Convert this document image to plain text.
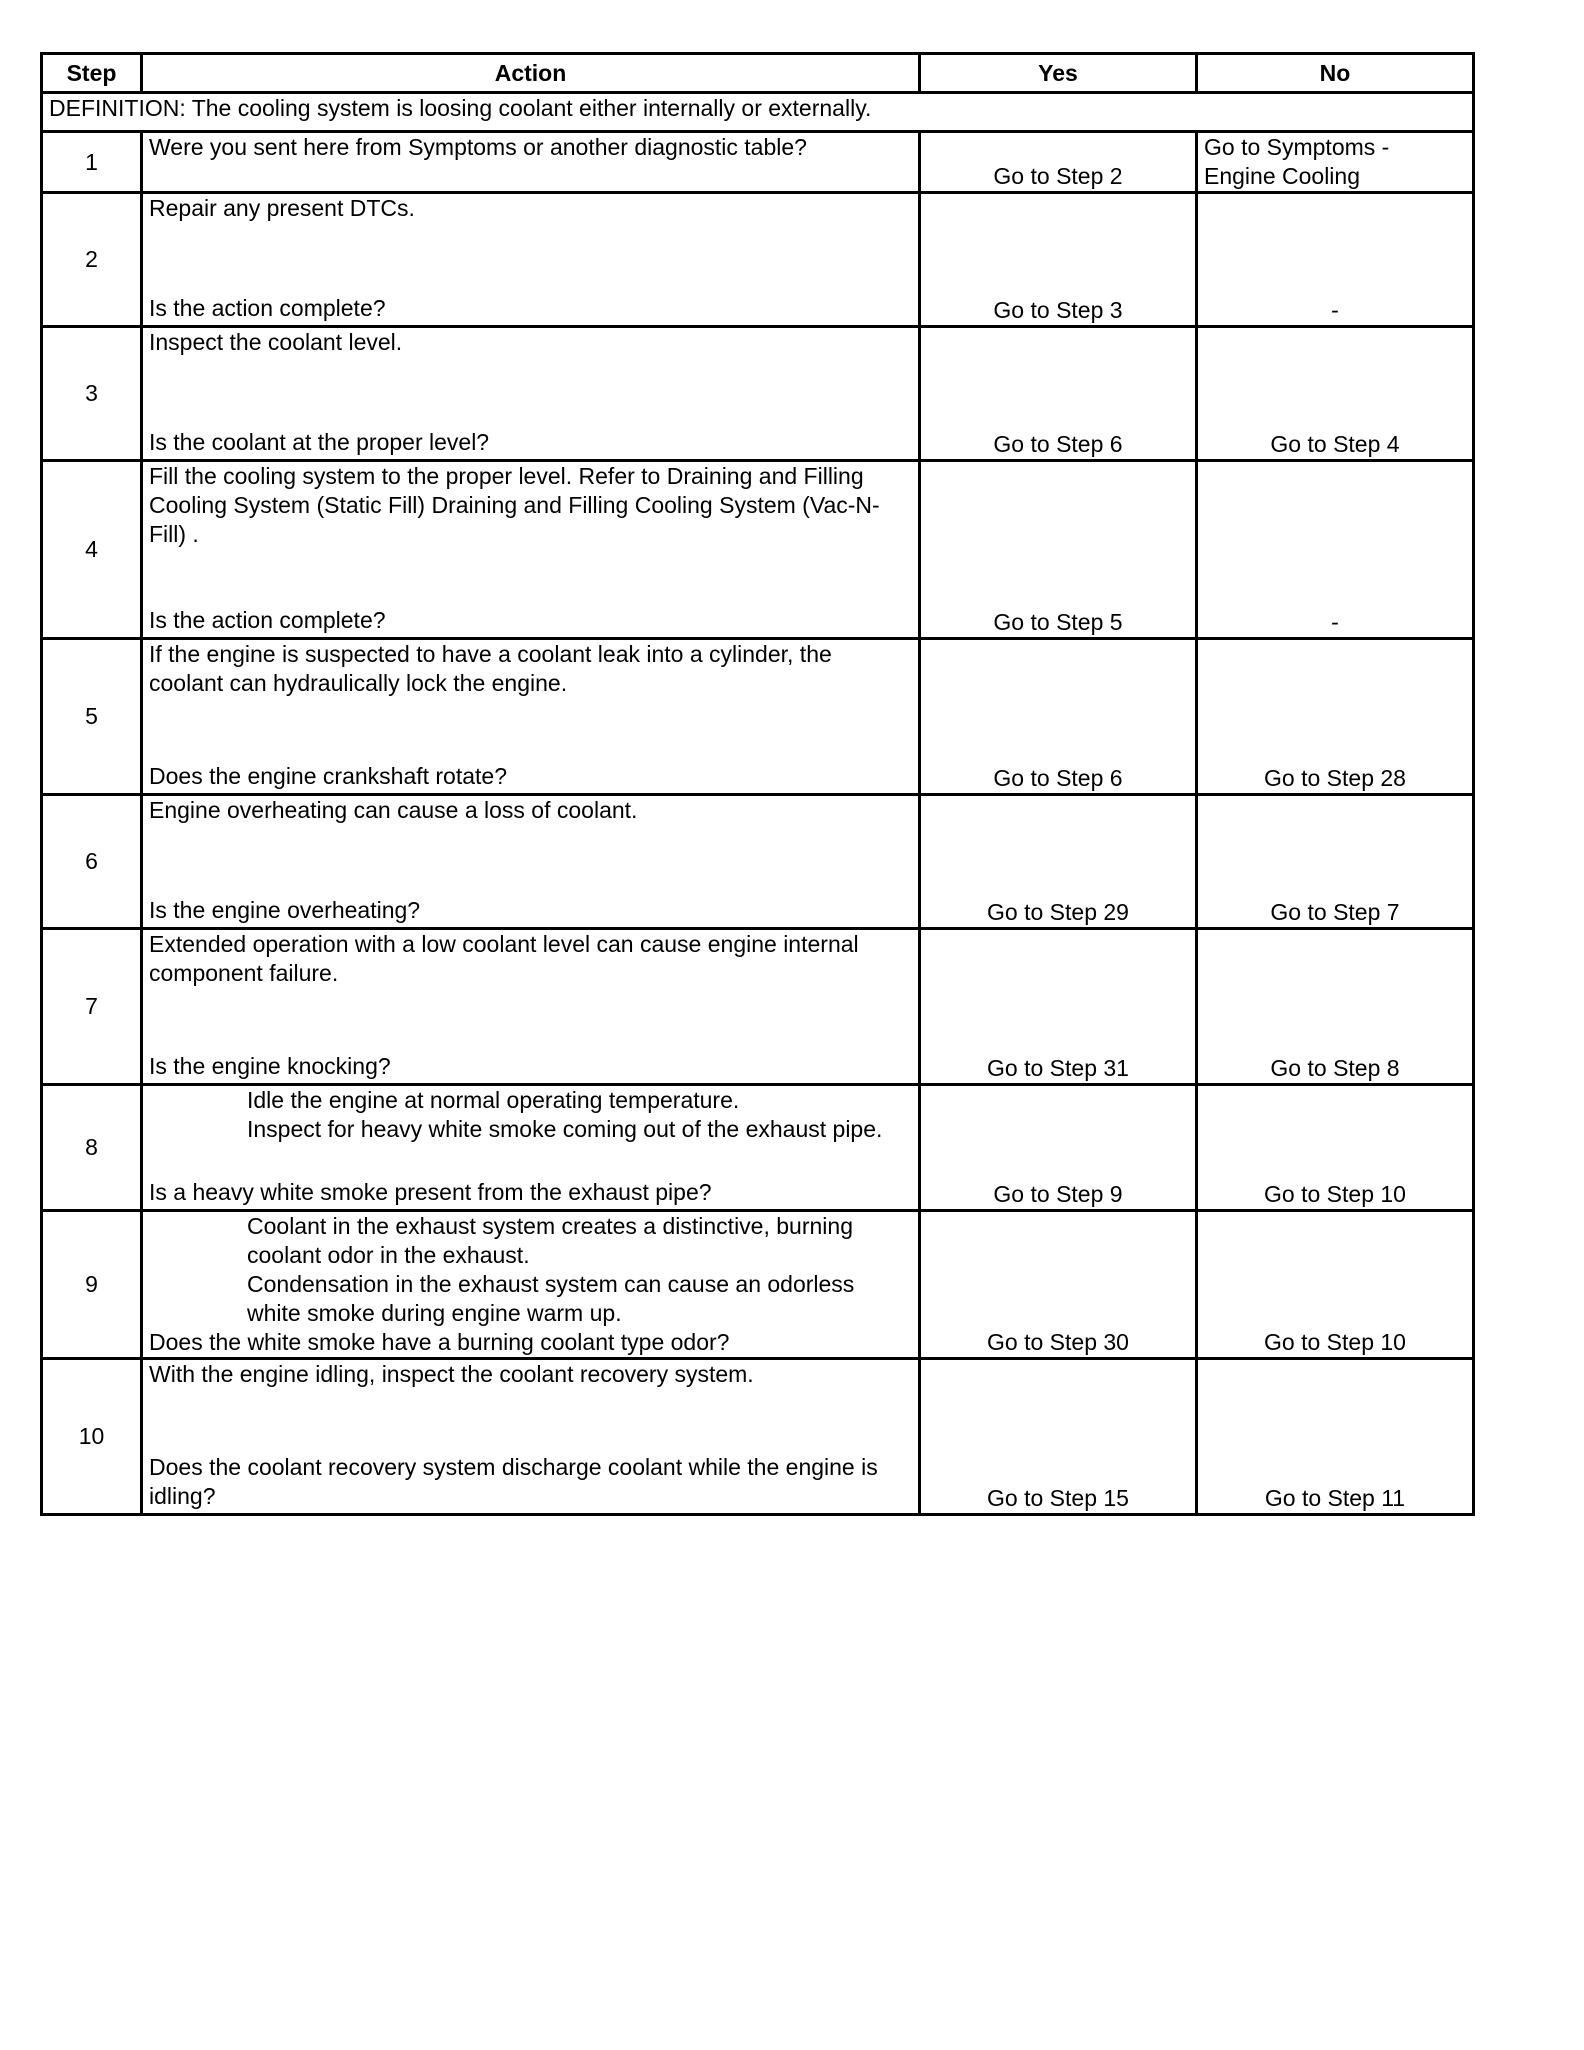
Step	Action	Yes	No
DEFINITION: The cooling system is loosing coolant either internally or externally.			
1	Were you sent here from Symptoms or another diagnostic table?	Go to Step 2	Go to Symptoms - Engine Cooling
2	Repair any present DTCs.
Is the action complete?	Go to Step 3	-
3	Inspect the coolant level.
Is the coolant at the proper level?	Go to Step 6	Go to Step 4
4	Fill the cooling system to the proper level. Refer to Draining and Filling Cooling System (Static Fill) Draining and Filling Cooling System (Vac-N-Fill) .
Is the action complete?	Go to Step 5	-
5	If the engine is suspected to have a coolant leak into a cylinder, the coolant can hydraulically lock the engine.
Does the engine crankshaft rotate?	Go to Step 6	Go to Step 28
6	Engine overheating can cause a loss of coolant.
Is the engine overheating?	Go to Step 29	Go to Step 7
7	Extended operation with a low coolant level can cause engine internal component failure.
Is the engine knocking?	Go to Step 31	Go to Step 8
8	Idle the engine at normal operating temperature.
Inspect for heavy white smoke coming out of the exhaust pipe.
Is a heavy white smoke present from the exhaust pipe?	Go to Step 9	Go to Step 10
9	Coolant in the exhaust system creates a distinctive, burning coolant odor in the exhaust.
Condensation in the exhaust system can cause an odorless white smoke during engine warm up.
Does the white smoke have a burning coolant type odor?	Go to Step 30	Go to Step 10
10	With the engine idling, inspect the coolant recovery system.
Does the coolant recovery system discharge coolant while the engine is idling?	Go to Step 15	Go to Step 11
